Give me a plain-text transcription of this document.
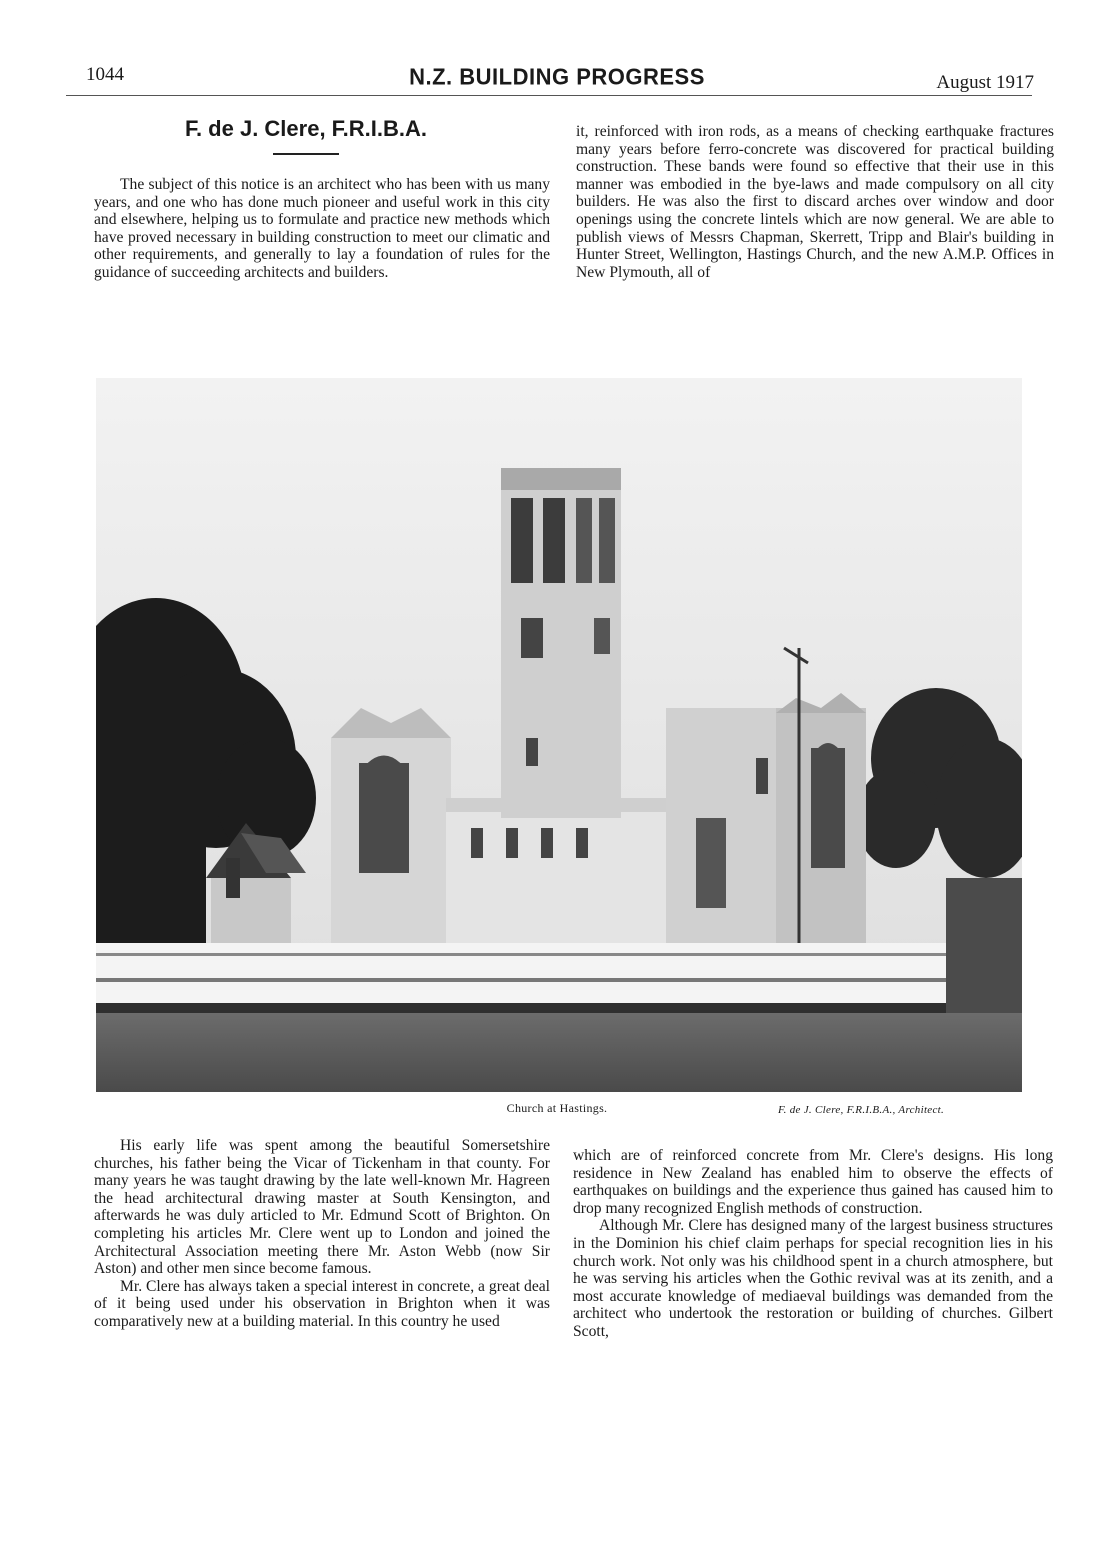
1044	N.Z. BUILDING PROGRESS	August 1917
F. de J. Clere, F.R.I.B.A.

The subject of this notice is an architect who has been with us many years, and one who has done much pioneer and useful work in this city and elsewhere, helping us to formulate and practice new methods which have proved necessary in building construction to meet our climatic and other requirements, and generally to lay a foundation of rules for the guidance of succeeding architects and builders.

it, reinforced with iron rods, as a means of checking earthquake fractures many years before ferro-concrete was discovered for practical building construction. These bands were found so effective that their use in this manner was embodied in the bye-laws and made compulsory on all city builders. He was also the first to discard arches over window and door openings using the concrete lintels which are now general. We are able to publish views of Messrs Chapman, Skerrett, Tripp and Blair's building in Hunter Street, Wellington, Hastings Church, and the new A.M.P. Offices in New Plymouth, all of

Church at Hastings.	F. de J. Clere, F.R.I.B.A., Architect.

His early life was spent among the beautiful Somersetshire churches, his father being the Vicar of Tickenham in that county. For many years he was taught drawing by the late well-known Mr. Hagreen the head architectural drawing master at South Kensington, and afterwards he was duly articled to Mr. Edmund Scott of Brighton. On completing his articles Mr. Clere went up to London and joined the Architectural Association meeting there Mr. Aston Webb (now Sir Aston) and other men since become famous.

Mr. Clere has always taken a special interest in concrete, a great deal of it being used under his observation in Brighton when it was comparatively new at a building material. In this country he used

which are of reinforced concrete from Mr. Clere's designs. His long residence in New Zealand has enabled him to observe the effects of earthquakes on buildings and the experience thus gained has caused him to drop many recognized English methods of construction.

Although Mr. Clere has designed many of the largest business structures in the Dominion his chief claim perhaps for special recognition lies in his church work. Not only was his childhood spent in a church atmosphere, but he was serving his articles when the Gothic revival was at its zenith, and a most accurate knowledge of mediaeval buildings was demanded from the architect who undertook the restoration or building of churches. Gilbert Scott,
